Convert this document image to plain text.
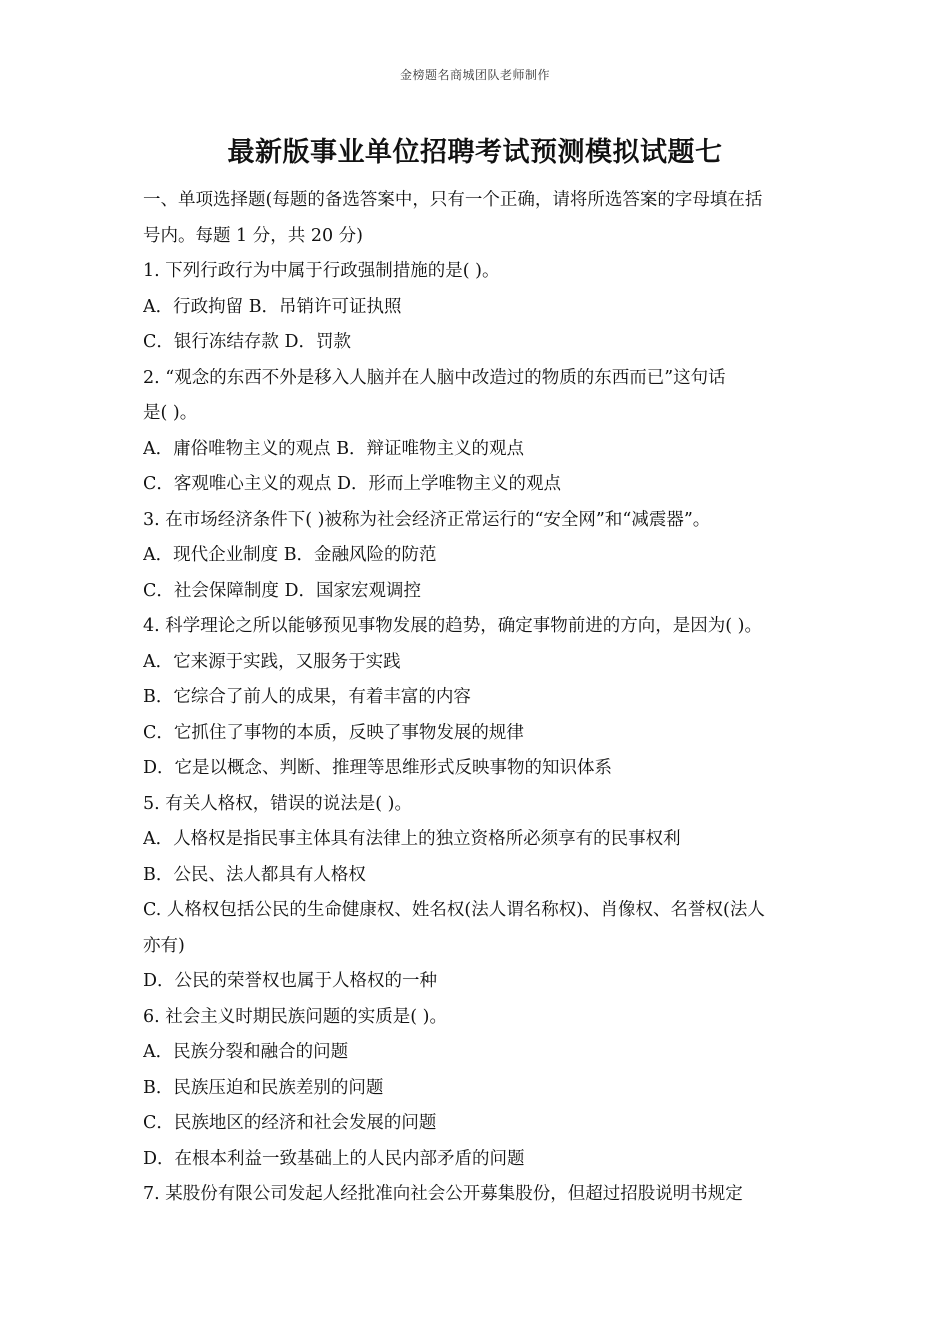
金榜题名商城团队老师制作
最新版事业单位招聘考试预测模拟试题七
一、单项选择题(每题的备选答案中，只有一个正确，请将所选答案的字母填在括
号内。每题 1 分，共 20 分)
1. 下列行政行为中属于行政强制措施的是( )。
A．行政拘留 B．吊销许可证执照
C．银行冻结存款 D．罚款
2. “观念的东西不外是移入人脑并在人脑中改造过的物质的东西而已”这句话
是( )。
A．庸俗唯物主义的观点 B．辩证唯物主义的观点
C．客观唯心主义的观点 D．形而上学唯物主义的观点
3. 在市场经济条件下( )被称为社会经济正常运行的“安全网”和“减震器”。
A．现代企业制度 B．金融风险的防范
C．社会保障制度 D．国家宏观调控
4. 科学理论之所以能够预见事物发展的趋势，确定事物前进的方向，是因为( )。
A．它来源于实践，又服务于实践
B．它综合了前人的成果，有着丰富的内容
C．它抓住了事物的本质，反映了事物发展的规律
D．它是以概念、判断、推理等思维形式反映事物的知识体系
5. 有关人格权，错误的说法是( )。
A．人格权是指民事主体具有法律上的独立资格所必须享有的民事权利
B．公民、法人都具有人格权
C. 人格权包括公民的生命健康权、姓名权(法人谓名称权)、肖像权、名誉权(法人
亦有)
D．公民的荣誉权也属于人格权的一种
6. 社会主义时期民族问题的实质是( )。
A．民族分裂和融合的问题
B．民族压迫和民族差别的问题
C．民族地区的经济和社会发展的问题
D．在根本利益一致基础上的人民内部矛盾的问题
7. 某股份有限公司发起人经批准向社会公开募集股份，但超过招股说明书规定
